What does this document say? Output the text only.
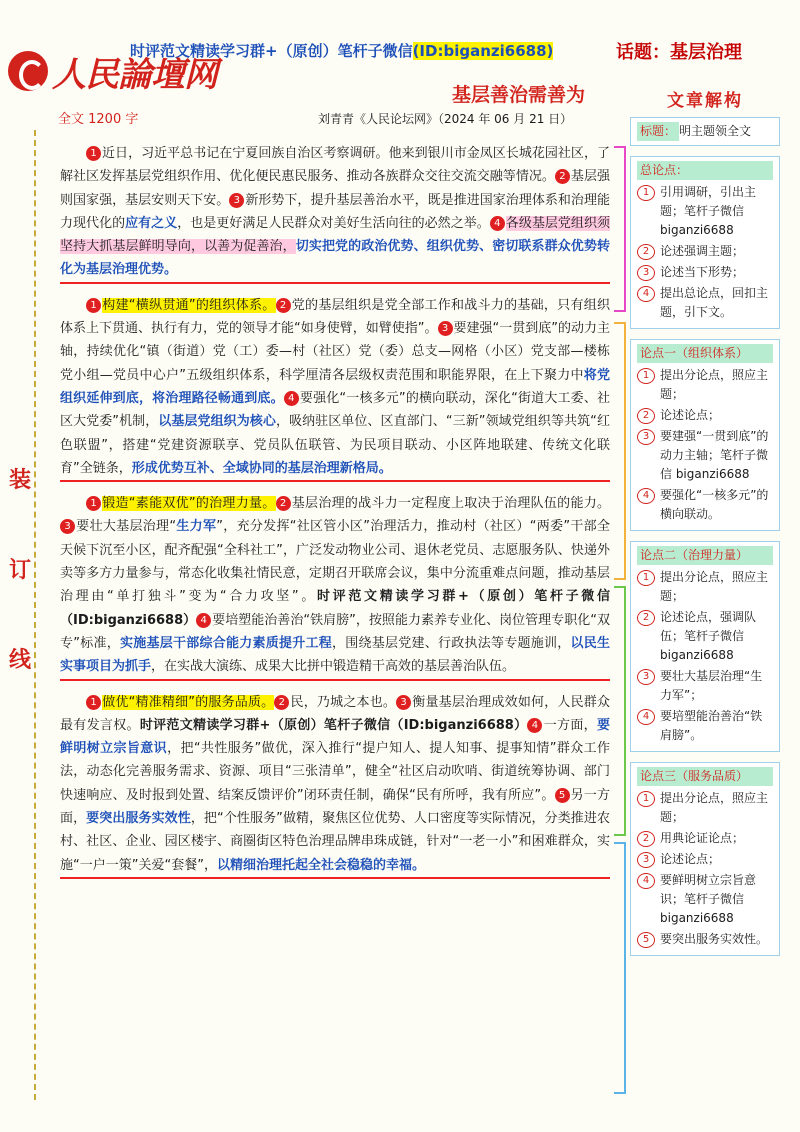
人民論壇网
时评范文精读学习群+（原创）笔杆子微信(ID:biganzi6688)	话题：基层治理
基层善治需善为
全文 1200 字	刘青青《人民论坛网》（2024 年 06 月 21 日）
装
订
线

1 近日，习近平总书记在宁夏回族自治区考察调研。他来到银川市金凤区长城花园社区，了解社区发挥基层党组织作用、优化便民惠民服务、推动各族群众交往交流交融等情况。 2 基层强则国家强，基层安则天下安。 3 新形势下，提升基层善治水平，既是推进国家治理体系和治理能力现代化的应有之义，也是更好满足人民群众对美好生活向往的必然之举。 4 各级基层党组织须坚持大抓基层鲜明导向，以善为促善治，切实把党的政治优势、组织优势、密切联系群众优势转化为基层治理优势。

1 构建“横纵贯通”的组织体系。 2 党的基层组织是党全部工作和战斗力的基础，只有组织体系上下贯通、执行有力，党的领导才能“如身使臂，如臂使指”。 3 要建强“一贯到底”的动力主轴，持续优化“镇（街道）党（工）委—村（社区）党（委）总支—网格（小区）党支部—楼栋党小组—党员中心户”五级组织体系，科学厘清各层级权责范围和职能界限，在上下聚力中将党组织延伸到底，将治理路径畅通到底。 4 要强化“一核多元”的横向联动，深化“街道大工委、社区大党委”机制，以基层党组织为核心，吸纳驻区单位、区直部门、“三新”领域党组织等共筑“红色联盟”，搭建“党建资源联享、党员队伍联管、为民项目联动、小区阵地联建、传统文化联育”全链条，形成优势互补、全域协同的基层治理新格局。

1 锻造“素能双优”的治理力量。 2 基层治理的战斗力一定程度上取决于治理队伍的能力。3 要壮大基层治理“生力军”，充分发挥“社区管小区”治理活力，推动村（社区）“两委”干部全天候下沉至小区，配齐配强“全科社工”，广泛发动物业公司、退休老党员、志愿服务队、快递外卖等多方力量参与，常态化收集社情民意，定期召开联席会议，集中分流重难点问题，推动基层治理由“单打独斗”变为“合力攻坚”。时评范文精读学习群+（原创）笔杆子微信（ID:biganzi6688） 4 要培塑能治善治“铁肩膀”，按照能力素养专业化、岗位管理专职化“双专”标准，实施基层干部综合能力素质提升工程，围绕基层党建、行政执法等专题施训，以民生实事项目为抓手，在实战大演练、成果大比拼中锻造精干高效的基层善治队伍。

1 做优“精准精细”的服务品质。 2 民，乃城之本也。 3 衡量基层治理成效如何，人民群众最有发言权。时评范文精读学习群+（原创）笔杆子微信（ID:biganzi6688） 4 一方面，要鲜明树立宗旨意识，把“共性服务”做优，深入推行“提户知人、提人知事、提事知情”群众工作法，动态化完善服务需求、资源、项目“三张清单”，健全“社区启动吹哨、街道统筹协调、部门快速响应、及时报到处置、结案反馈评价”闭环责任制，确保“民有所呼，我有所应”。 5 另一方面，要突出服务实效性，把“个性服务”做精，聚焦区位优势、人口密度等实际情况，分类推进农村、社区、企业、园区楼宇、商圈街区特色治理品牌串珠成链，针对“一老一小”和困难群众，实施“一户一策”关爱“套餐”，以精细治理托起全社会稳稳的幸福。

文章解构
标题： 明主题领全文
总论点：
1 引用调研，引出主题；笔杆子微信 biganzi6688
2 论述强调主题；
3 论述当下形势；
4 提出总论点，回扣主题，引下文。
论点一（组织体系）
1 提出分论点，照应主题；
2 论述论点；
3 要建强“一贯到底”的动力主轴；笔杆子微信 biganzi6688
4 要强化“一核多元”的横向联动。
论点二（治理力量）
1 提出分论点，照应主题；
2 论述论点，强调队伍；笔杆子微信 biganzi6688
3 要壮大基层治理“生力军”；
4 要培塑能治善治“铁肩膀”。
论点三（服务品质）
1 提出分论点，照应主题；
2 用典论证论点；
3 论述论点；
4 要鲜明树立宗旨意识；笔杆子微信 biganzi6688
5 要突出服务实效性。
